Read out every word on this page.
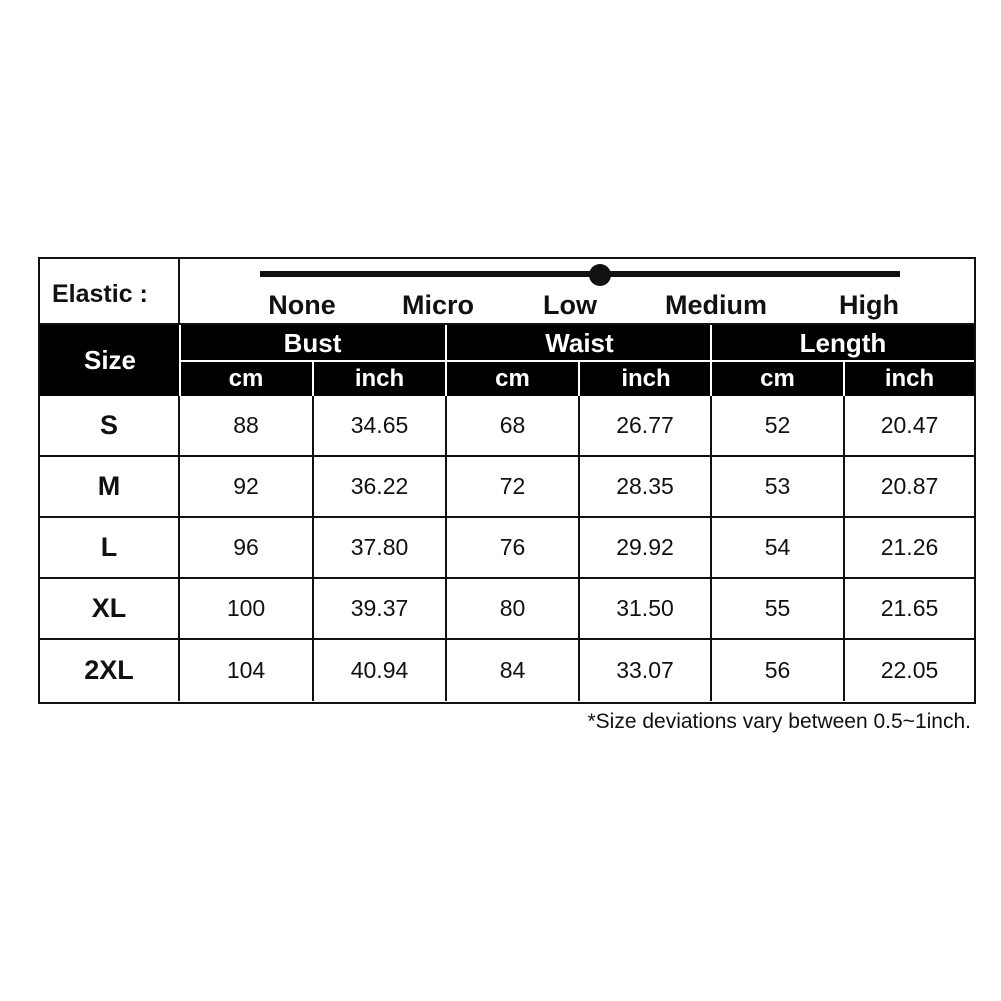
Elastic :	None Micro	Low	Medium	High
Size
Bust	Waist	Length
cm	inch	cm	inch	cm	inch
S	88	34.65	68	26.77	52	20.47
M	92	36.22	72	28.35	53	20.87
L	96	37.80	76	29.92	54	21.26
XL	100	39.37	80	31.50	55	21.65
2XL	104	40.94	84	33.07	56	22.05
*Size deviations vary between 0.5~1inch.
